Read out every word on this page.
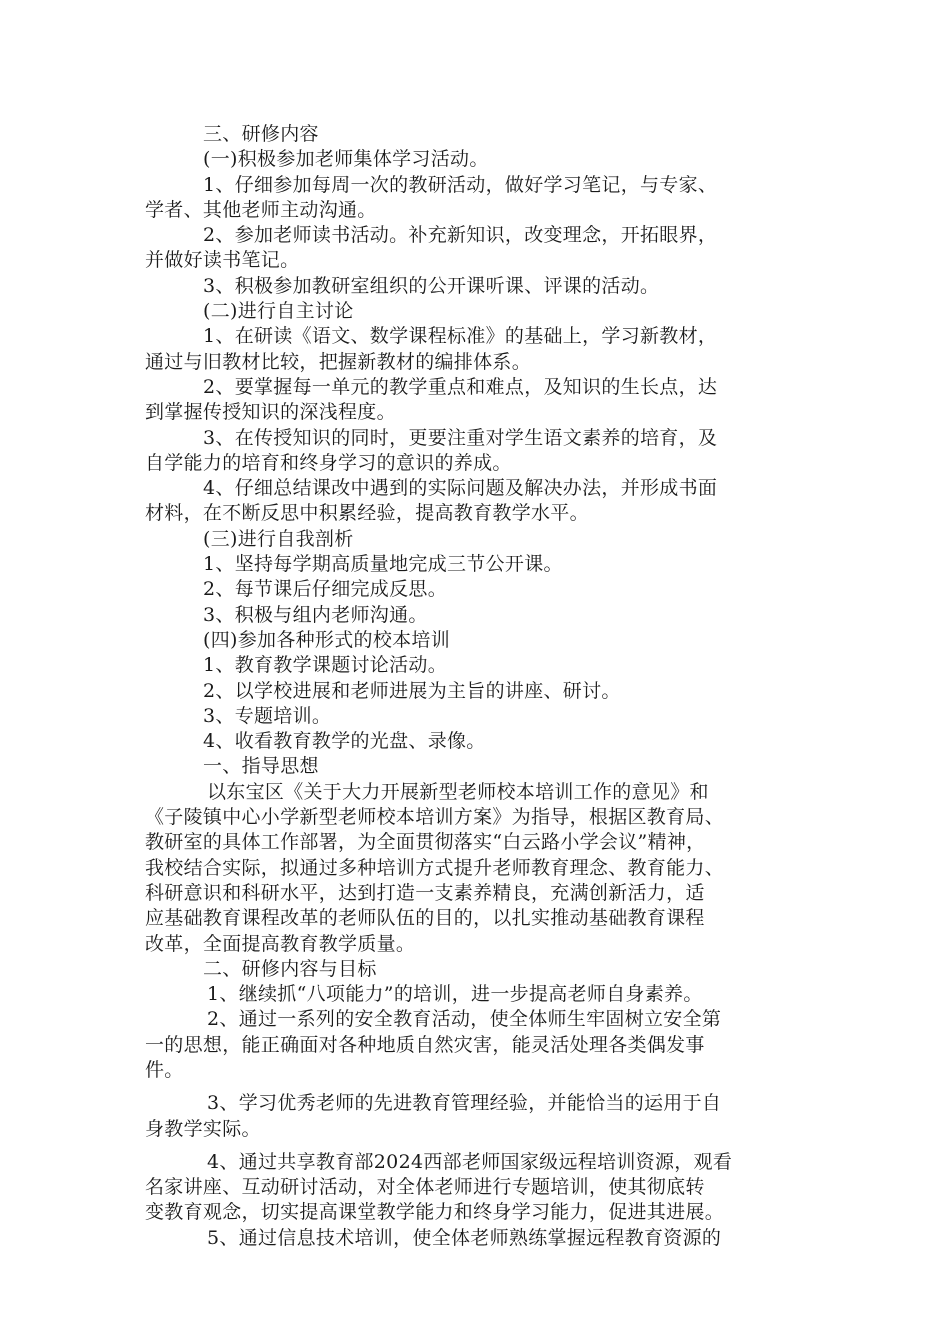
三、研修内容
(一)积极参加老师集体学习活动。
1、仔细参加每周一次的教研活动，做好学习笔记，与专家、
学者、其他老师主动沟通。
2、参加老师读书活动。补充新知识，改变理念，开拓眼界，
并做好读书笔记。
3、积极参加教研室组织的公开课听课、评课的活动。
(二)进行自主讨论
1、在研读《语文、数学课程标准》的基础上，学习新教材，
通过与旧教材比较，把握新教材的编排体系。
2、要掌握每一单元的教学重点和难点，及知识的生长点，达
到掌握传授知识的深浅程度。
3、在传授知识的同时，更要注重对学生语文素养的培育，及
自学能力的培育和终身学习的意识的养成。
4、仔细总结课改中遇到的实际问题及解决办法，并形成书面
材料，在不断反思中积累经验，提高教育教学水平。
(三)进行自我剖析
1、坚持每学期高质量地完成三节公开课。
2、每节课后仔细完成反思。
3、积极与组内老师沟通。
(四)参加各种形式的校本培训
1、教育教学课题讨论活动。
2、以学校进展和老师进展为主旨的讲座、研讨。
3、专题培训。
4、收看教育教学的光盘、录像。
一、指导思想
以东宝区《关于大力开展新型老师校本培训工作的意见》和
《子陵镇中心小学新型老师校本培训方案》为指导，根据区教育局、
教研室的具体工作部署，为全面贯彻落实“白云路小学会议”精神，
我校结合实际，拟通过多种培训方式提升老师教育理念、教育能力、
科研意识和科研水平，达到打造一支素养精良，充满创新活力，适
应基础教育课程改革的老师队伍的目的，以扎实推动基础教育课程
改革，全面提高教育教学质量。
二、研修内容与目标
1、继续抓“八项能力”的培训，进一步提高老师自身素养。
2、通过一系列的安全教育活动，使全体师生牢固树立安全第
一的思想，能正确面对各种地质自然灾害，能灵活处理各类偶发事
件。
3、学习优秀老师的先进教育管理经验，并能恰当的运用于自
身教学实际。
4、通过共享教育部2024西部老师国家级远程培训资源，观看
名家讲座、互动研讨活动，对全体老师进行专题培训，使其彻底转
变教育观念，切实提高课堂教学能力和终身学习能力，促进其进展。
5、通过信息技术培训，使全体老师熟练掌握远程教育资源的
